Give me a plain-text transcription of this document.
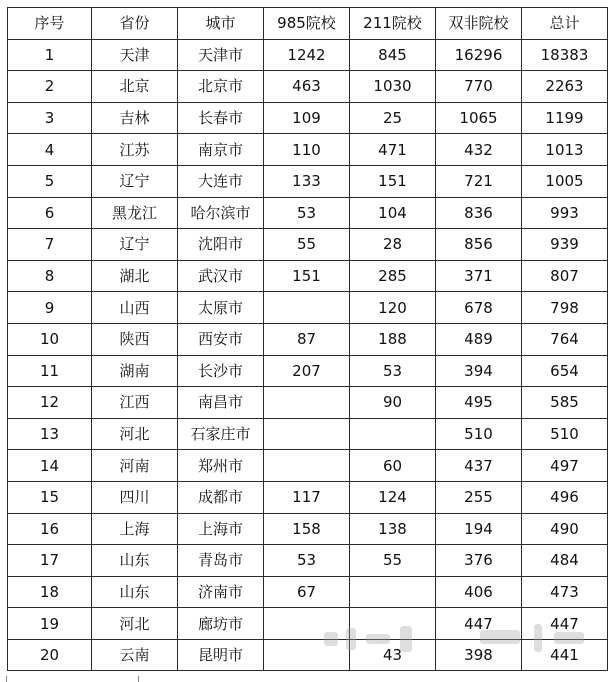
序号	省份	城市	985院校	211院校	双非院校	总计
1	天津	天津市	1242	845	16296	18383
2	北京	北京市	463	1030	770	2263
3	吉林	长春市	109	25	1065	1199
4	江苏	南京市	110	471	432	1013
5	辽宁	大连市	133	151	721	1005
6	黑龙江	哈尔滨市	53	104	836	993
7	辽宁	沈阳市	55	28	856	939
8	湖北	武汉市	151	285	371	807
9	山西	太原市		120	678	798
10	陕西	西安市	87	188	489	764
11	湖南	长沙市	207	53	394	654
12	江西	南昌市		90	495	585
13	河北	石家庄市			510	510
14	河南	郑州市		60	437	497
15	四川	成都市	117	124	255	496
16	上海	上海市	158	138	194	490
17	山东	青岛市	53	55	376	484
18	山东	济南市	67		406	473
19	河北	廊坊市			447	447
20	云南	昆明市		43	398	441
